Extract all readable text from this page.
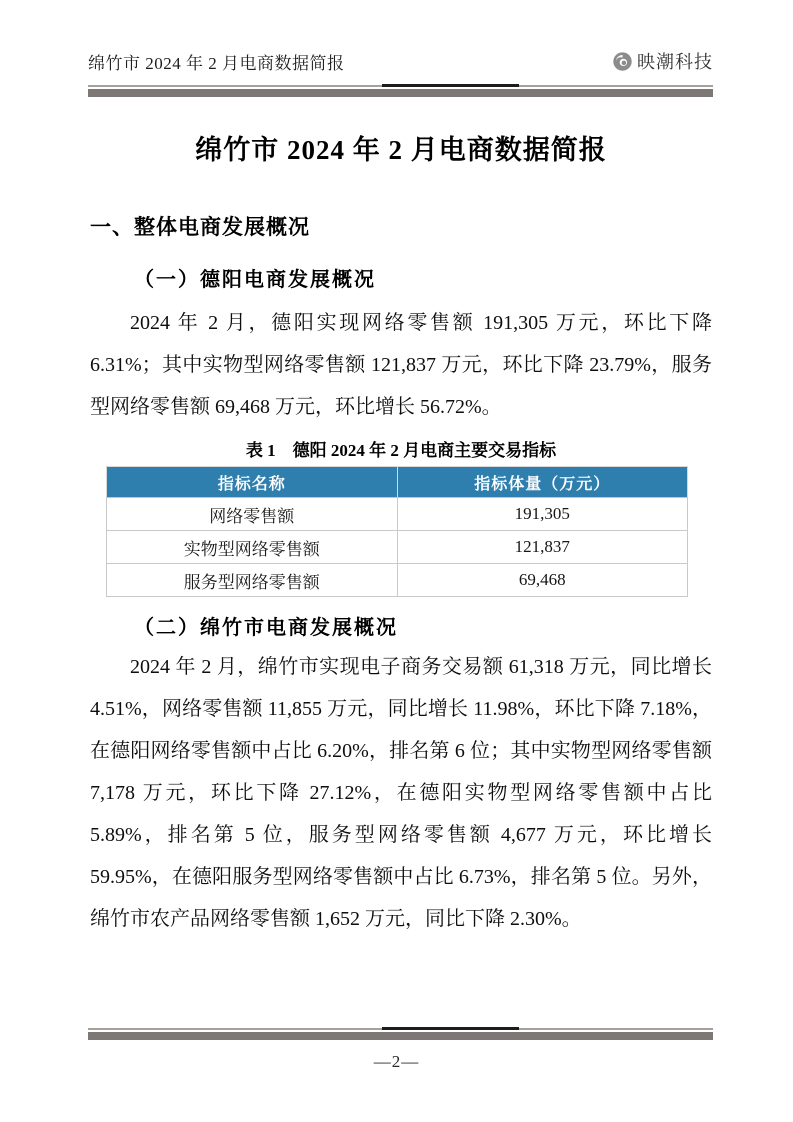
绵竹市 2024 年 2 月电商数据简报	映潮科技
绵竹市 2024 年 2 月电商数据简报
一、整体电商发展概况
（一）德阳电商发展概况

2024 年 2 月，德阳实现网络零售额 191,305 万元，环比下降 6.31%；其中实物型网络零售额 121,837 万元，环比下降 23.79%，服务型网络零售额 69,468 万元，环比增长 56.72%。

表 1　德阳 2024 年 2 月电商主要交易指标
指标名称	指标体量（万元）
网络零售额	191,305
实物型网络零售额	121,837
服务型网络零售额	69,468
（二）绵竹市电商发展概况

2024 年 2 月，绵竹市实现电子商务交易额 61,318 万元，同比增长 4.51%，网络零售额 11,855 万元，同比增长 11.98%，环比下降 7.18%，在德阳网络零售额中占比 6.20%，排名第 6 位；其中实物型网络零售额 7,178 万元，环比下降 27.12%，在德阳实物型网络零售额中占比 5.89%，排名第 5 位，服务型网络零售额 4,677 万元，环比增长 59.95%，在德阳服务型网络零售额中占比 6.73%，排名第 5 位。另外，绵竹市农产品网络零售额 1,652 万元，同比下降 2.30%。

—2—
